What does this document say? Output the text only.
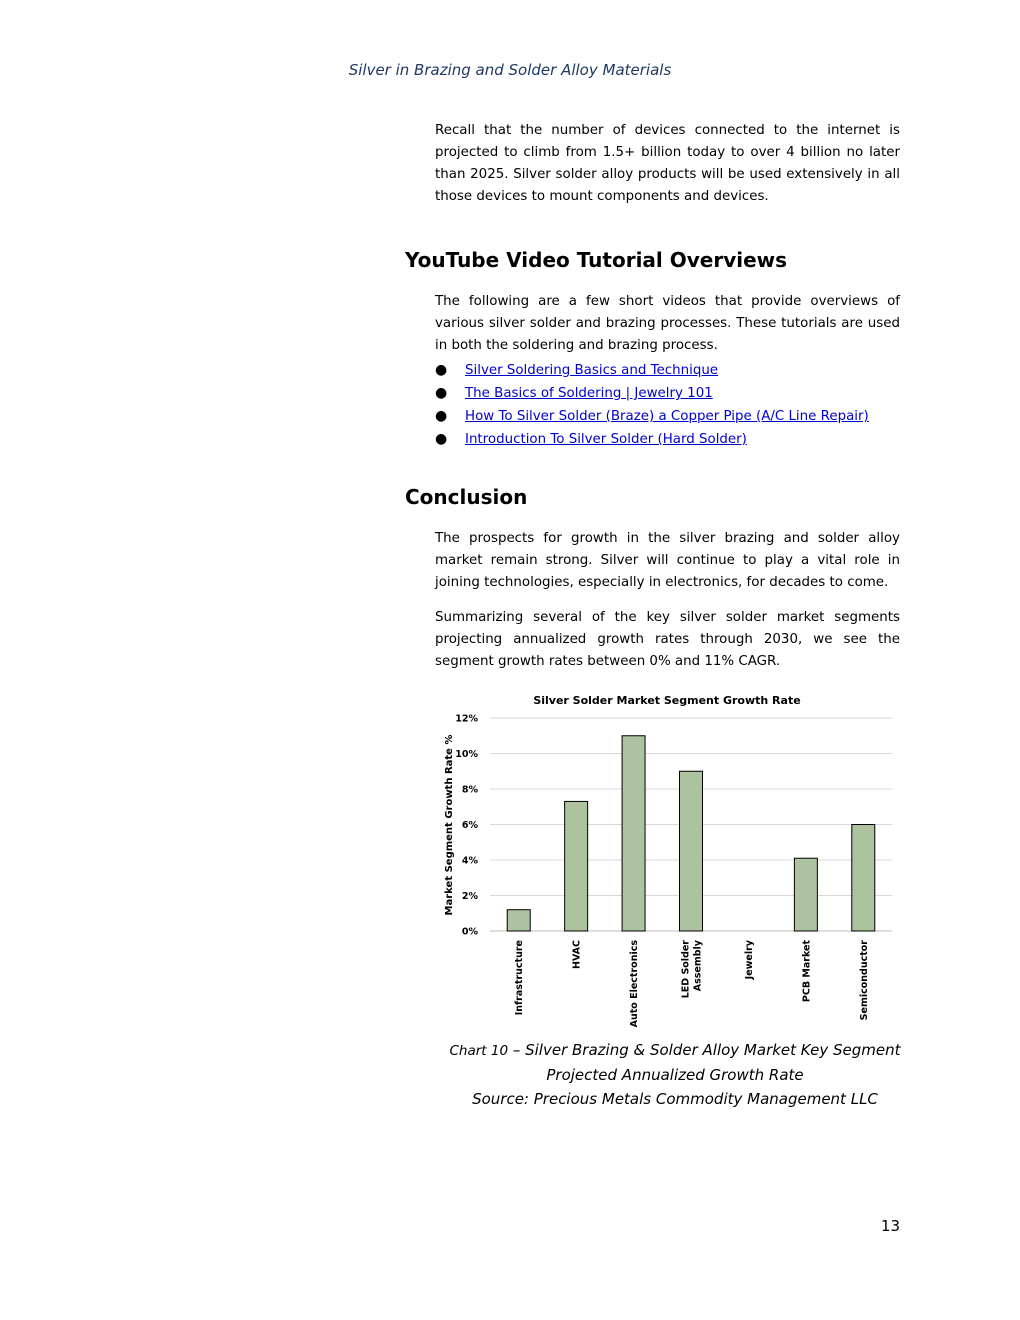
Silver in Brazing and Solder Alloy Materials

Recall that the number of devices connected to the internet is projected to climb from 1.5+ billion today to over 4 billion no later than 2025. Silver solder alloy products will be used extensively in all those devices to mount components and devices.

YouTube Video Tutorial Overviews

The following are a few short videos that provide overviews of various silver solder and brazing processes. These tutorials are used in both the soldering and brazing process.

● Silver Soldering Basics and Technique
● The Basics of Soldering | Jewelry 101
● How To Silver Solder (Braze) a Copper Pipe (A/C Line Repair)
● Introduction To Silver Solder (Hard Solder)
Conclusion

The prospects for growth in the silver brazing and solder alloy market remain strong. Silver will continue to play a vital role in joining technologies, especially in electronics, for decades to come.

Summarizing several of the key silver solder market segments projecting annualized growth rates through 2030, we see the segment growth rates between 0% and 11% CAGR.

Silver Solder Market Segment Growth Rate
Market Segment Growth Rate %
0%
2%
4%
6%
8%
10%
12%
Infrastructure	HVAC	Auto Electronics	LED Solder Assembly	Jewelry	PCB Market	Semiconductor
Chart 10 – Silver Brazing & Solder Alloy Market Key Segment
Projected Annualized Growth Rate
Source: Precious Metals Commodity Management LLC
13
